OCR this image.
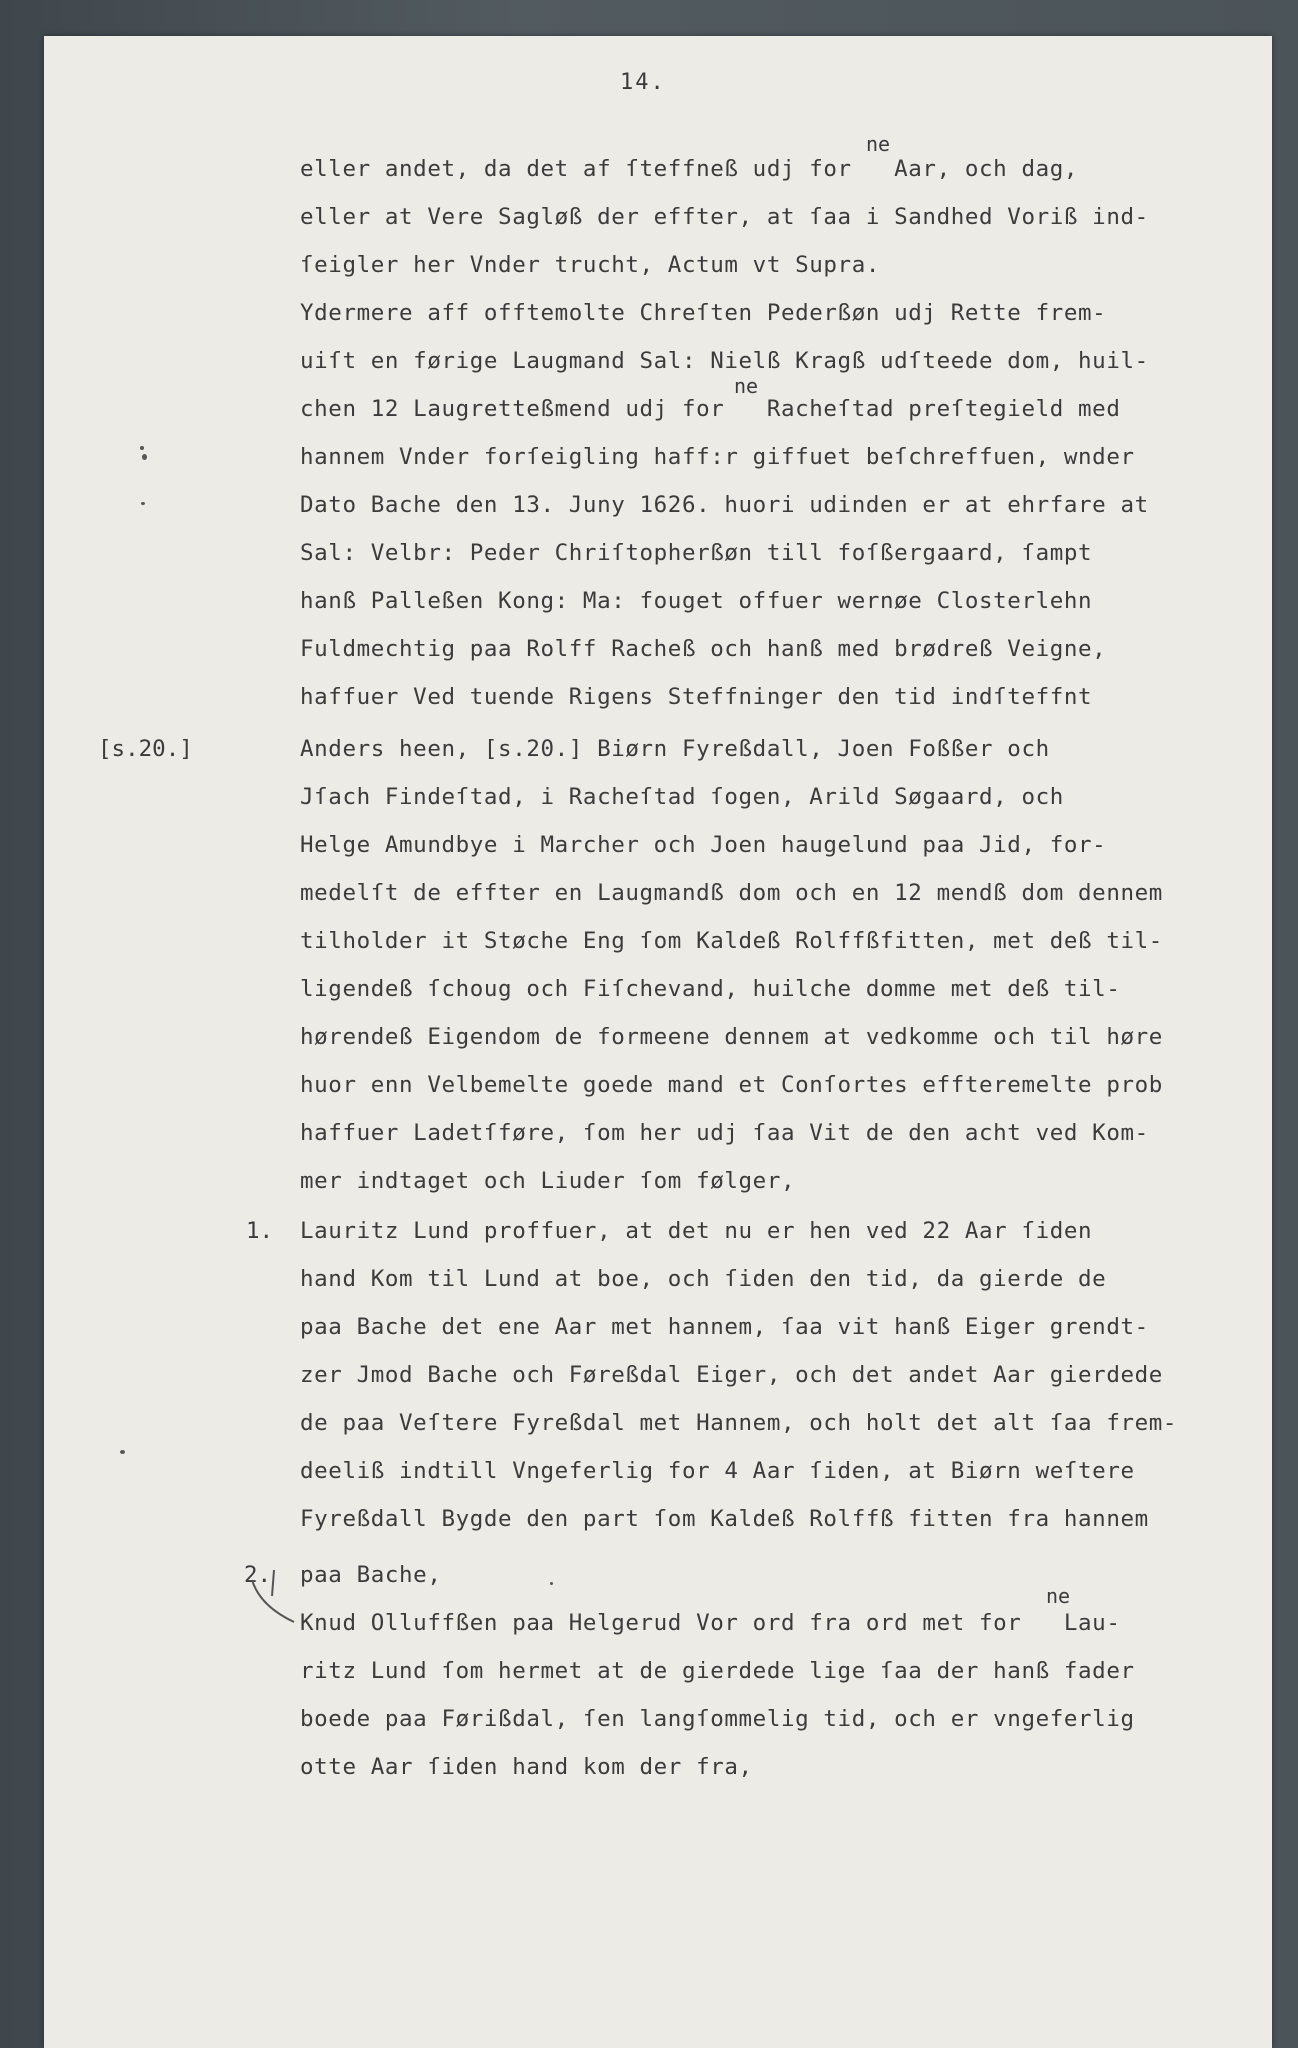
14.
ne
ne
ne
[s.20.]
1.
2.
eller andet, da det af ſteffneß udj for   Aar, och dag,
eller at Vere Sagløß der effter, at ſaa i Sandhed Voriß ind-
ſeigler her Vnder trucht, Actum vt Supra.
Ydermere aff offtemolte Chreſten Pederßøn udj Rette frem-
uiſt en førige Laugmand Sal: Nielß Kragß udſteede dom, huil-
chen 12 Laugretteßmend udj for   Racheſtad preſtegield med
hannem Vnder forſeigling haff:r giffuet beſchreffuen, wnder
Dato Bache den 13. Juny 1626. huori udinden er at ehrfare at
Sal: Velbr: Peder Chriſtopherßøn till foſßergaard, ſampt
hanß Palleßen Kong: Ma: fouget offuer wernøe Closterlehn
Fuldmechtig paa Rolff Racheß och hanß med brødreß Veigne,
haffuer Ved tuende Rigens Steffninger den tid indſteffnt
Anders heen, [s.20.] Biørn Fyreßdall, Joen Foßßer och
Jſach Findeſtad, i Racheſtad ſogen, Arild Søgaard, och
Helge Amundbye i Marcher och Joen haugelund paa Jid, for-
medelſt de effter en Laugmandß dom och en 12 mendß dom dennem
tilholder it Støche Eng ſom Kaldeß Rolffßfitten, met deß til-
ligendeß ſchoug och Fiſchevand, huilche domme met deß til-
hørendeß Eigendom de formeene dennem at vedkomme och til høre
huor enn Velbemelte goede mand et Conſortes effteremelte prob
haffuer Ladetſføre, ſom her udj ſaa Vit de den acht ved Kom-
mer indtaget och Liuder ſom følger,
Lauritz Lund proffuer, at det nu er hen ved 22 Aar ſiden
hand Kom til Lund at boe, och ſiden den tid, da gierde de
paa Bache det ene Aar met hannem, ſaa vit hanß Eiger grendt-
zer Jmod Bache och Føreßdal Eiger, och det andet Aar gierdede
de paa Veſtere Fyreßdal met Hannem, och holt det alt ſaa frem-
deeliß indtill Vngeferlig for 4 Aar ſiden, at Biørn weſtere
Fyreßdall Bygde den part ſom Kaldeß Rolffß fitten fra hannem
paa Bache,
Knud Olluffßen paa Helgerud Vor ord fra ord met for   Lau-
ritz Lund ſom hermet at de gierdede lige ſaa der hanß fader
boede paa Førißdal, ſen langſommelig tid, och er vngeferlig
otte Aar ſiden hand kom der fra,
